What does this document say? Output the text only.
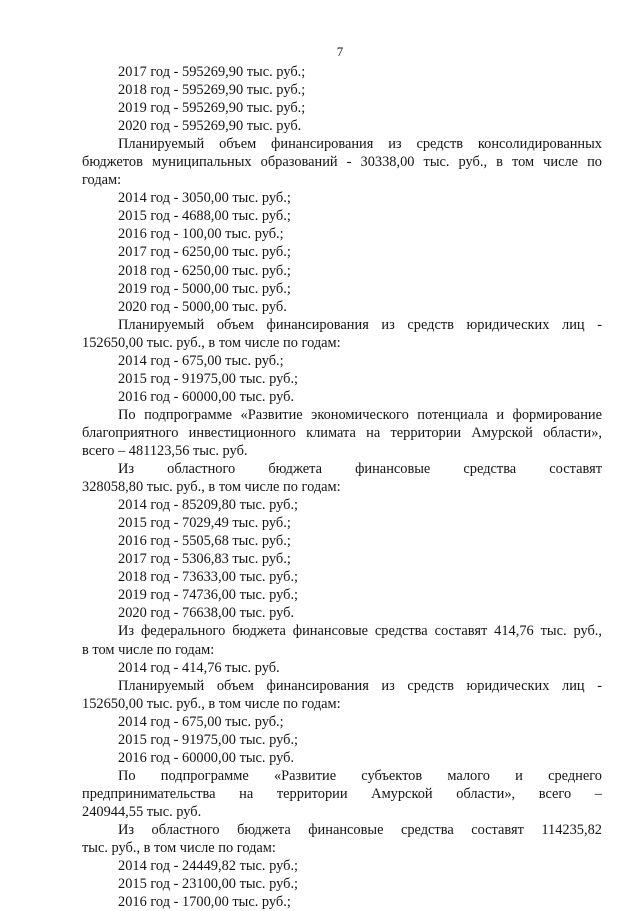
7
2017 год - 595269,90 тыс. руб.;
2018 год - 595269,90 тыс. руб.;
2019 год - 595269,90 тыс. руб.;
2020 год - 595269,90 тыс. руб.
Планируемый объем финансирования из средств консолидированных
бюджетов муниципальных образований - 30338,00 тыс. руб., в том числе по
годам:
2014 год - 3050,00 тыс. руб.;
2015 год - 4688,00 тыс. руб.;
2016 год - 100,00 тыс. руб.;
2017 год - 6250,00 тыс. руб.;
2018 год - 6250,00 тыс. руб.;
2019 год - 5000,00 тыс. руб.;
2020 год - 5000,00 тыс. руб.
Планируемый объем финансирования из средств юридических лиц -
152650,00 тыс. руб., в том числе по годам:
2014 год - 675,00 тыс. руб.;
2015 год - 91975,00 тыс. руб.;
2016 год - 60000,00 тыс. руб.
По подпрограмме «Развитие экономического потенциала и формирование
благоприятного инвестиционного климата на территории Амурской области»,
всего – 481123,56 тыс. руб.
Из областного бюджета финансовые средства составят
328058,80 тыс. руб., в том числе по годам:
2014 год - 85209,80 тыс. руб.;
2015 год - 7029,49 тыс. руб.;
2016 год - 5505,68 тыс. руб.;
2017 год - 5306,83 тыс. руб.;
2018 год - 73633,00 тыс. руб.;
2019 год - 74736,00 тыс. руб.;
2020 год - 76638,00 тыс. руб.
Из федерального бюджета финансовые средства составят 414,76 тыс. руб.,
в том числе по годам:
2014 год - 414,76 тыс. руб.
Планируемый объем финансирования из средств юридических лиц -
152650,00 тыс. руб., в том числе по годам:
2014 год - 675,00 тыс. руб.;
2015 год - 91975,00 тыс. руб.;
2016 год - 60000,00 тыс. руб.
По подпрограмме «Развитие субъектов малого и среднего
предпринимательства на территории Амурской области», всего –
240944,55 тыс. руб.
Из областного бюджета финансовые средства составят 114235,82
тыс. руб., в том числе по годам:
2014 год - 24449,82 тыс. руб.;
2015 год - 23100,00 тыс. руб.;
2016 год - 1700,00 тыс. руб.;
